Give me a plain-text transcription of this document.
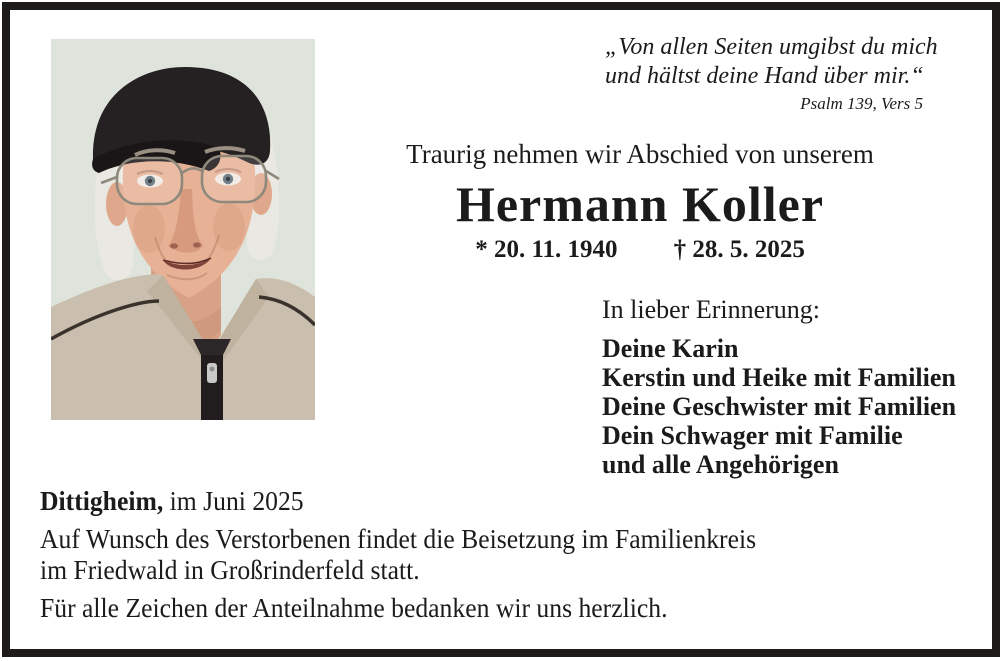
„Von allen Seiten umgibst du mich
und hältst deine Hand über mir.“
Psalm 139, Vers 5
Traurig nehmen wir Abschied von unserem
Hermann Koller
* 20. 11. 1940 † 28. 5. 2025
In lieber Erinnerung:
Deine Karin
Kerstin und Heike mit Familien
Deine Geschwister mit Familien
Dein Schwager mit Familie
und alle Angehörigen
Dittigheim, im Juni 2025
Auf Wunsch des Verstorbenen findet die Beisetzung im Familienkreis
im Friedwald in Großrinderfeld statt.
Für alle Zeichen der Anteilnahme bedanken wir uns herzlich.
